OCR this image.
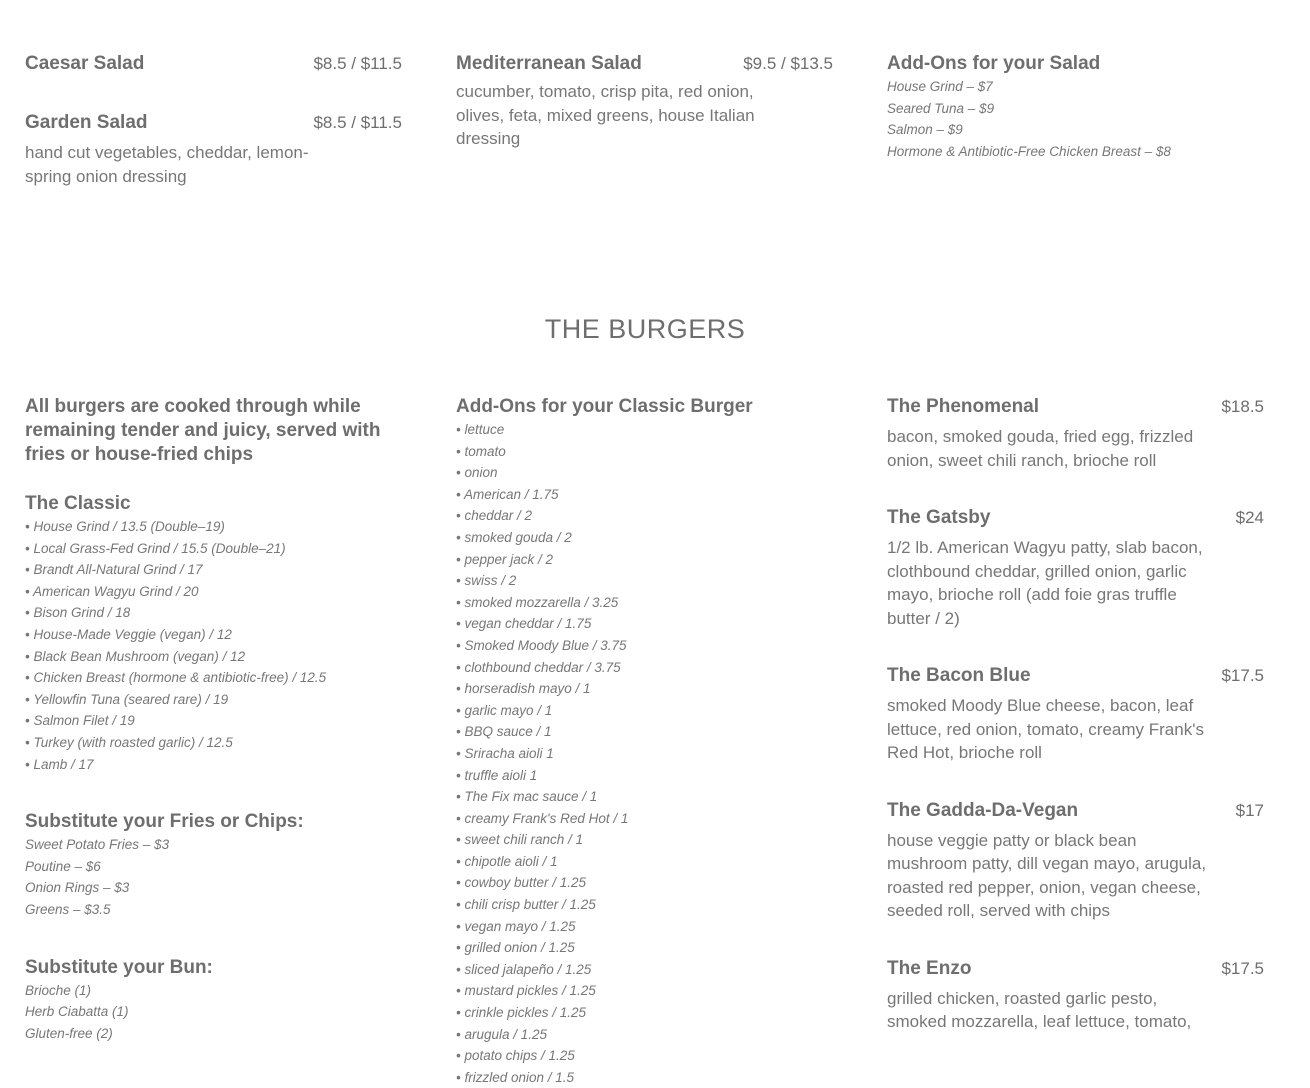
Caesar Salad	$8.5 / $11.5
Garden Salad	$8.5 / $11.5
hand cut vegetables, cheddar, lemon-spring onion dressing
Mediterranean Salad	$9.5 / $13.5
cucumber, tomato, crisp pita, red onion, olives, feta, mixed greens, house Italian dressing
Add-Ons for your Salad
House Grind – $7
Seared Tuna – $9
Salmon – $9
Hormone & Antibiotic-Free Chicken Breast – $8
THE BURGERS
All burgers are cooked through while remaining tender and juicy, served with fries or house-fried chips
The Classic
• House Grind / 13.5 (Double–19)
• Local Grass-Fed Grind / 15.5 (Double–21)
• Brandt All-Natural Grind / 17
• American Wagyu Grind / 20
• Bison Grind / 18
• House-Made Veggie (vegan) / 12
• Black Bean Mushroom (vegan) / 12
• Chicken Breast (hormone & antibiotic-free) / 12.5
• Yellowfin Tuna (seared rare) / 19
• Salmon Filet / 19
• Turkey (with roasted garlic) / 12.5
• Lamb / 17
Substitute your Fries or Chips:
Sweet Potato Fries – $3
Poutine – $6
Onion Rings – $3
Greens – $3.5
Substitute your Bun:
Brioche (1)
Herb Ciabatta (1)
Gluten-free (2)
Add-Ons for your Classic Burger
• lettuce
• tomato
• onion
• American / 1.75
• cheddar / 2
• smoked gouda / 2
• pepper jack / 2
• swiss / 2
• smoked mozzarella / 3.25
• vegan cheddar / 1.75
• Smoked Moody Blue / 3.75
• clothbound cheddar / 3.75
• horseradish mayo / 1
• garlic mayo / 1
• BBQ sauce / 1
• Sriracha aioli 1
• truffle aioli 1
• The Fix mac sauce / 1
• creamy Frank's Red Hot / 1
• sweet chili ranch / 1
• chipotle aioli / 1
• cowboy butter / 1.25
• chili crisp butter / 1.25
• vegan mayo / 1.25
• grilled onion / 1.25
• sliced jalapeño / 1.25
• mustard pickles / 1.25
• crinkle pickles / 1.25
• arugula / 1.25
• potato chips / 1.25
• frizzled onion / 1.5
The Phenomenal	$18.5
bacon, smoked gouda, fried egg, frizzled onion, sweet chili ranch, brioche roll
The Gatsby	$24
1/2 lb. American Wagyu patty, slab bacon, clothbound cheddar, grilled onion, garlic mayo, brioche roll (add foie gras truffle butter / 2)
The Bacon Blue	$17.5
smoked Moody Blue cheese, bacon, leaf lettuce, red onion, tomato, creamy Frank's Red Hot, brioche roll
The Gadda-Da-Vegan	$17
house veggie patty or black bean mushroom patty, dill vegan mayo, arugula, roasted red pepper, onion, vegan cheese, seeded roll, served with chips
The Enzo	$17.5
grilled chicken, roasted garlic pesto, smoked mozzarella, leaf lettuce, tomato,
